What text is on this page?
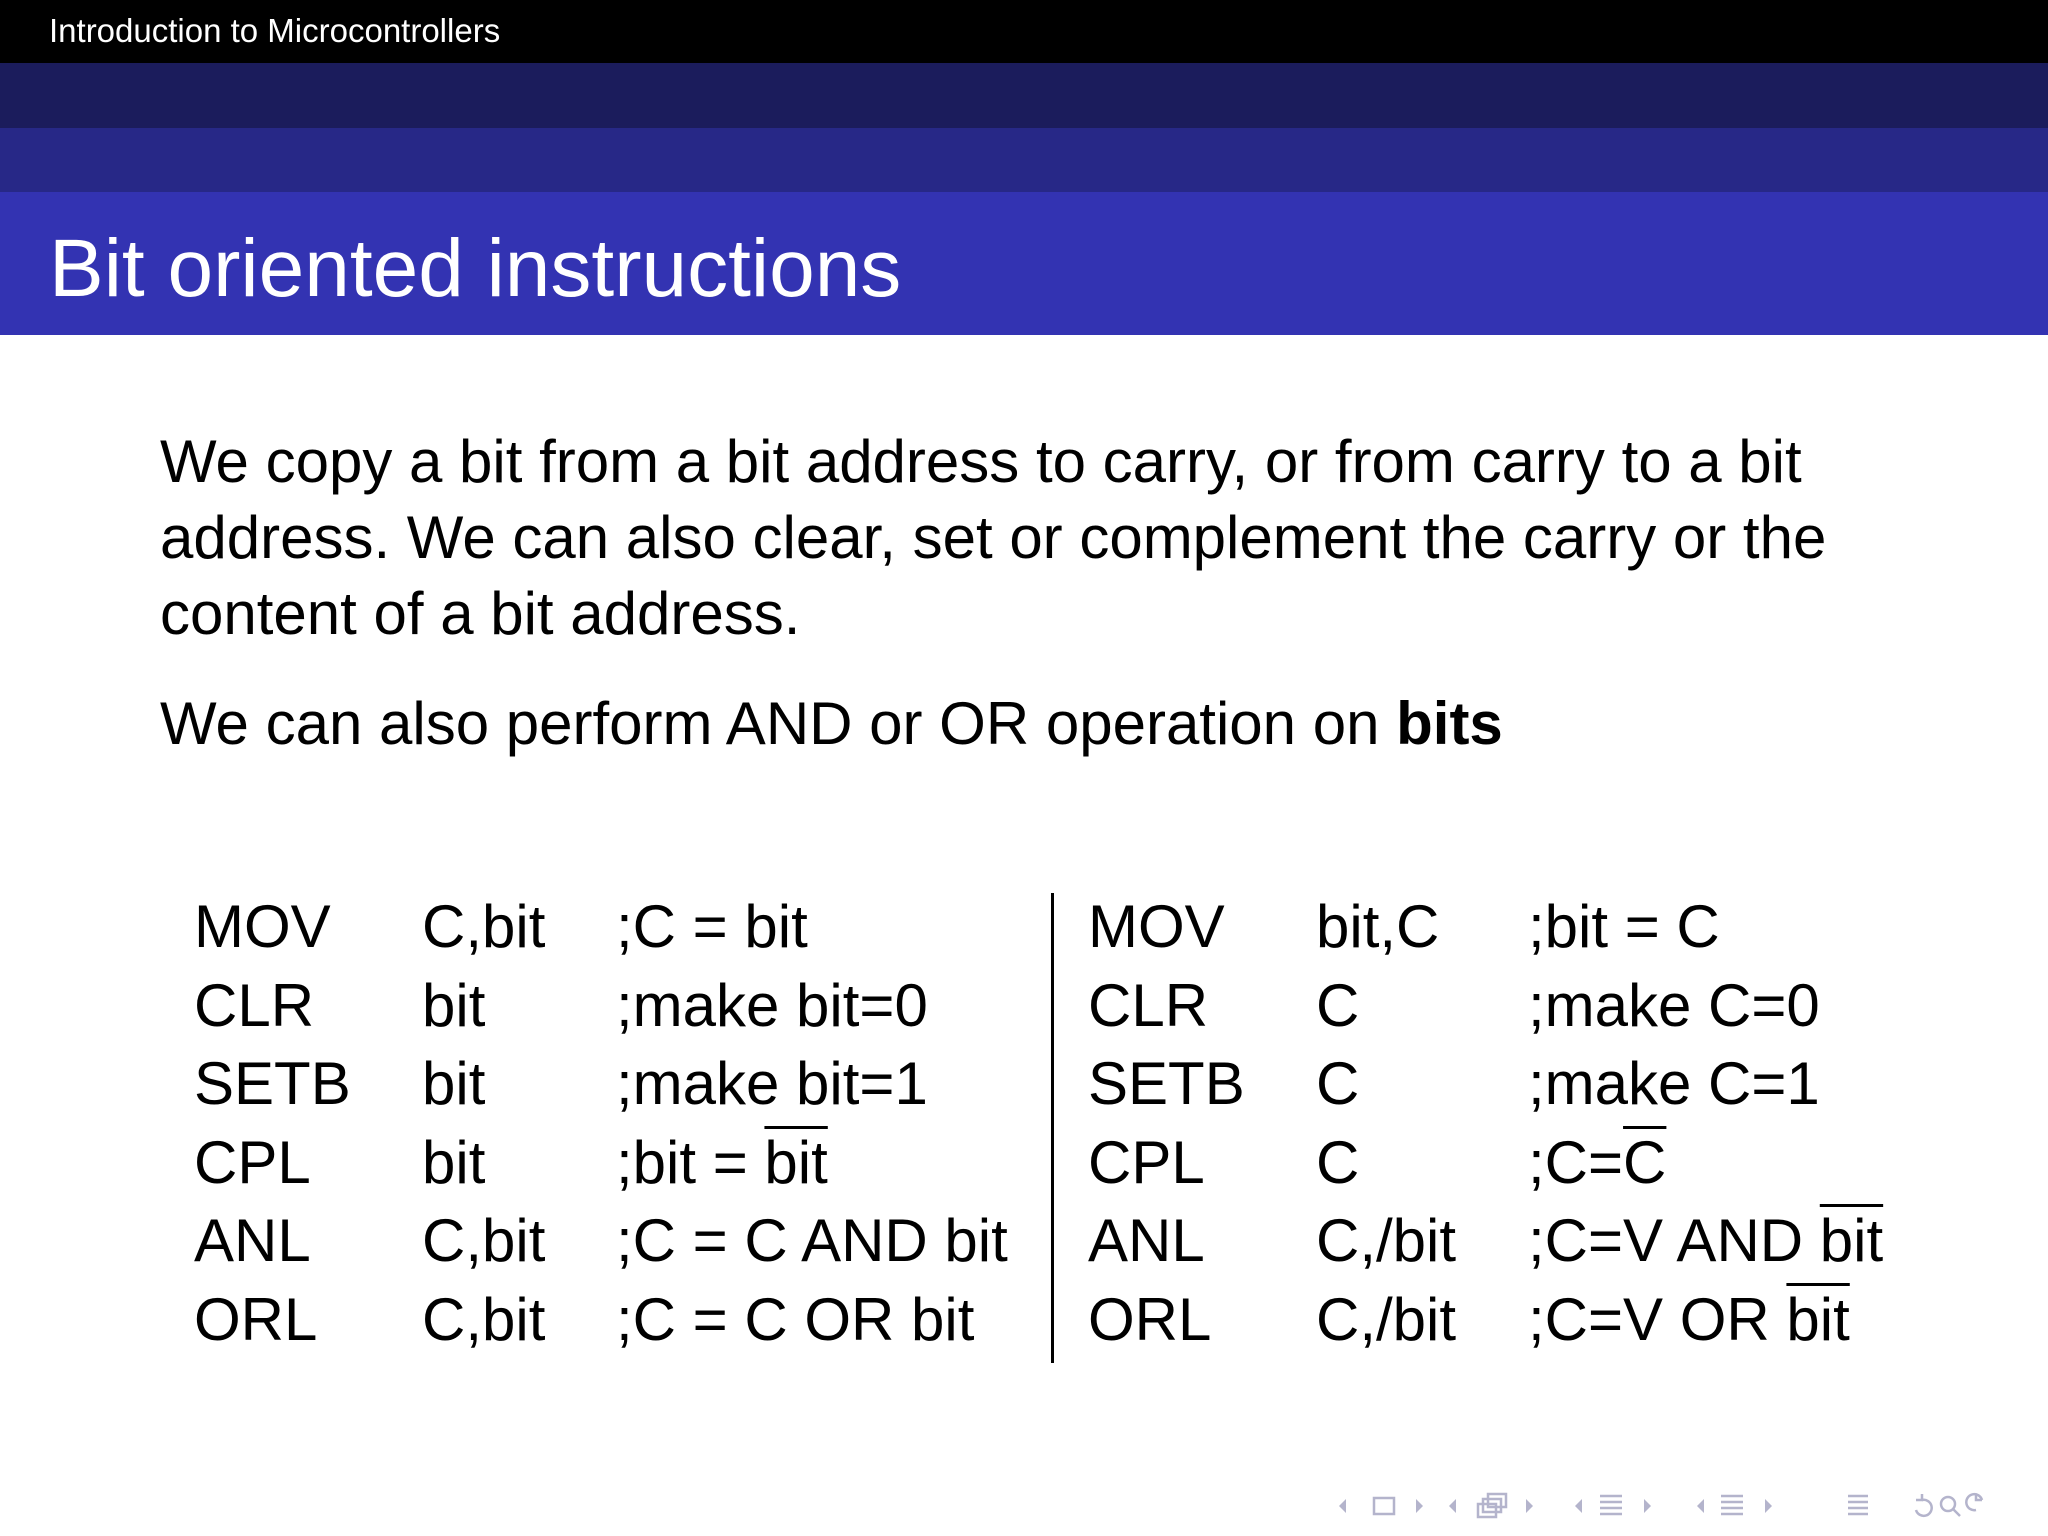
Introduction to Microcontrollers
Bit oriented instructions

We copy a bit from a bit address to carry, or from carry to a bit address. We can also clear, set or complement the carry or the content of a bit address.

We can also perform AND or OR operation on bits

MOV C,bit ;C = bit
CLR bit ;make bit=0
SETB bit ;make bit=1
CPL bit ;bit = $\overline{bit}$
ANL C,bit ;C = C AND bit
ORL C,bit ;C = C OR bit
MOV bit,C ;bit = C
CLR C	;make C=0
SETB C	;make C=1
CPL C	$;C=\overline{C}$
ANL C,/bit ;C=V AND $\overline{bit}$
ORL C,/bit ;C=V OR $\overline{bit}$
